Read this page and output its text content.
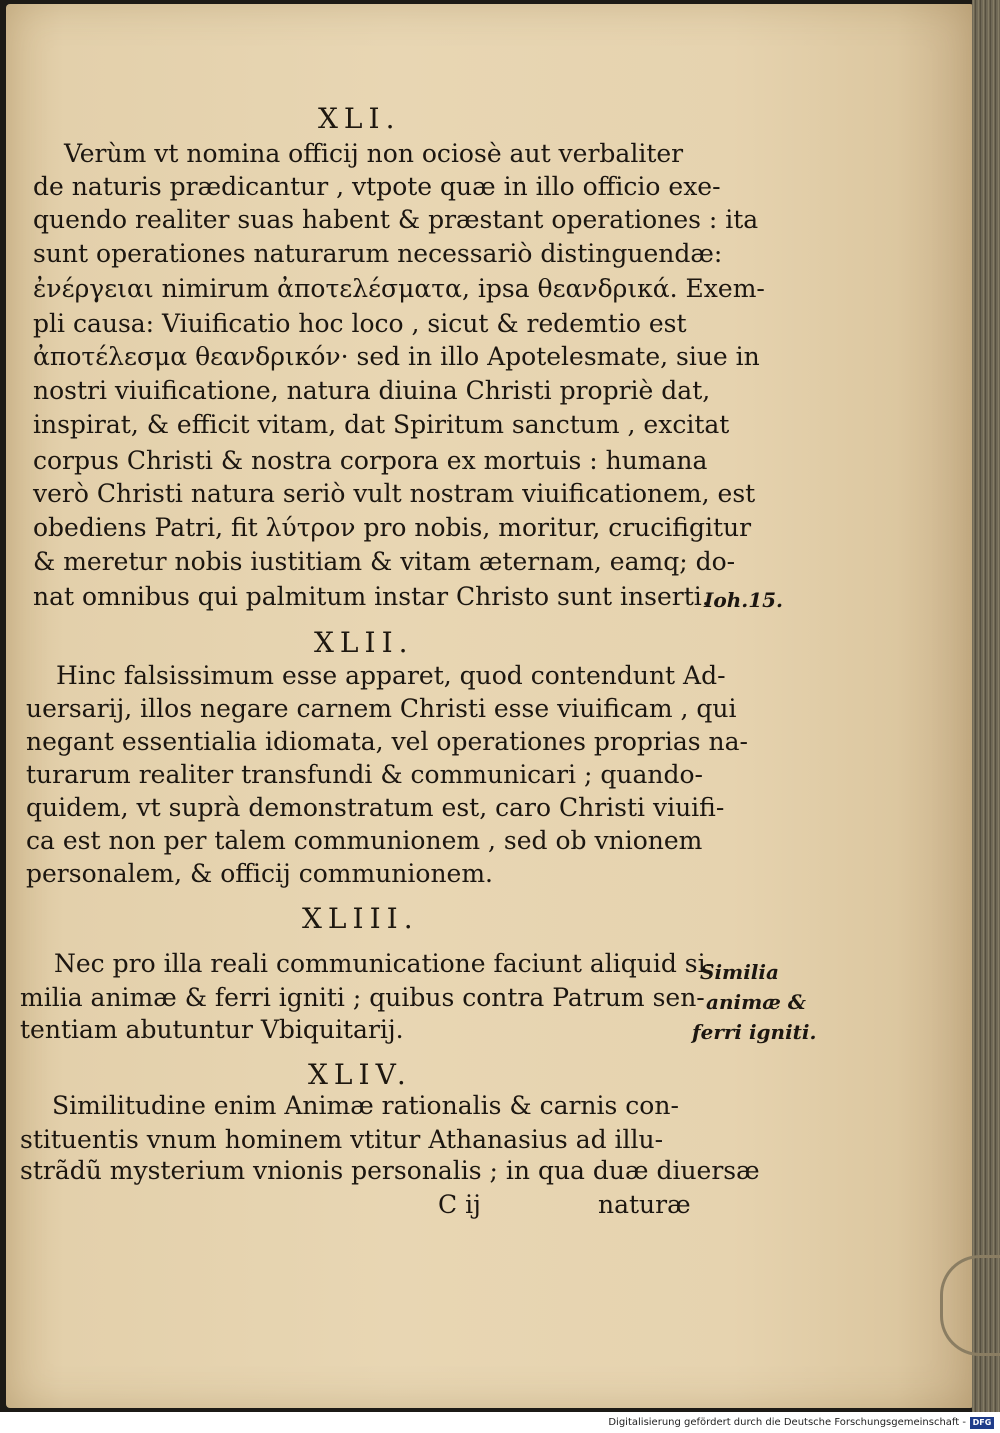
XLI.
Verùm vt nomina officij non ociosè aut verbaliter
de naturis prædicantur , vtpote quæ in illo officio exe-
quendo realiter suas habent & præstant operationes : ita
sunt operationes naturarum necessariò distinguendæ:
ἐνέργειαι nimirum ἀποτελέσματα, ipsa θεανδρικά. Exem-
pli causa: Viuificatio hoc loco , sicut & redemtio est
ἀποτέλεσμα θεανδρικόν· sed in illo Apotelesmate, siue in
nostri viuificatione, natura diuina Christi propriè dat,
inspirat, & efficit vitam, dat Spiritum sanctum , excitat
corpus Christi & nostra corpora ex mortuis : humana
verò Christi natura seriò vult nostram viuificationem, est
obediens Patri, fit λύτρον pro nobis, moritur, crucifigitur
& meretur nobis iustitiam & vitam æternam, eamq; do-
nat omnibus qui palmitum instar Christo sunt inserti.
Ioh.15.
XLII.
Hinc falsissimum esse apparet, quod contendunt Ad-
uersarij, illos negare carnem Christi esse viuificam , qui
negant essentialia idiomata, vel operationes proprias na-
turarum realiter transfundi & communicari ; quando-
quidem, vt suprà demonstratum est, caro Christi viuifi-
ca est non per talem communionem , sed ob vnionem
personalem, & officij communionem.
XLIII.
Nec pro illa reali communicatione faciunt aliquid si-
milia animæ & ferri igniti ; quibus contra Patrum sen-
tentiam abutuntur Vbiquitarij.
Similia
animæ &
ferri igniti.
XLIV.
Similitudine enim Animæ rationalis & carnis con-
stituentis vnum hominem vtitur Athanasius ad illu-
strãdũ mysterium vnionis personalis ; in qua duæ diuersæ
C ij	naturæ
Digitalisierung gefördert durch die Deutsche Forschungsgemeinschaft - DFG
